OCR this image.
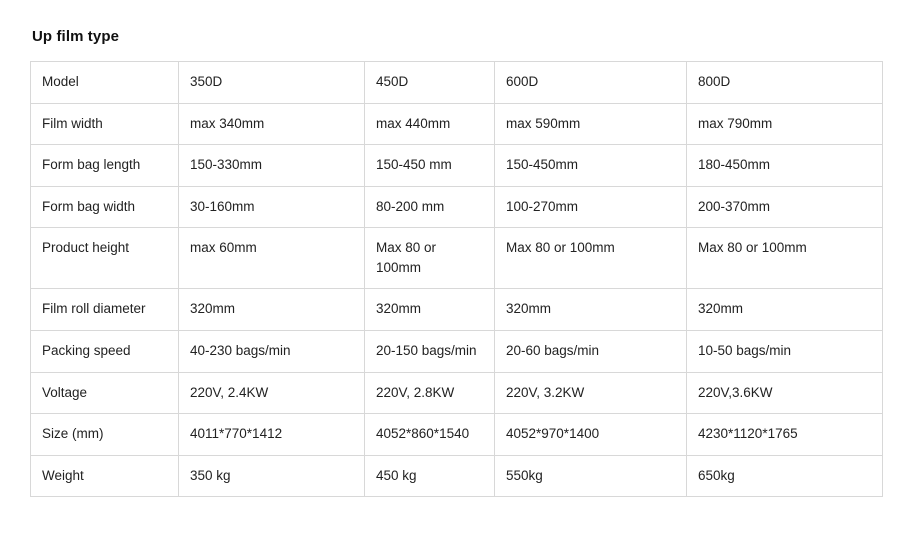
Up film type
Model	350D	450D	600D	800D
Film width	max 340mm	max 440mm	max 590mm	max 790mm
Form bag length	150-330mm	150-450 mm	150-450mm	180-450mm
Form bag width	30-160mm	80-200 mm	100-270mm	200-370mm
Product height	max 60mm	Max 80 or 100mm	Max 80 or 100mm	Max 80 or 100mm
Film roll diameter	320mm	320mm	320mm	320mm
Packing speed	40-230 bags/min	20-150 bags/min	20-60 bags/min	10-50 bags/min
Voltage	220V, 2.4KW	220V, 2.8KW	220V, 3.2KW	220V,3.6KW
Size (mm)	4011*770*1412	4052*860*1540	4052*970*1400	4230*1120*1765
Weight	350 kg	450 kg	550kg	650kg
